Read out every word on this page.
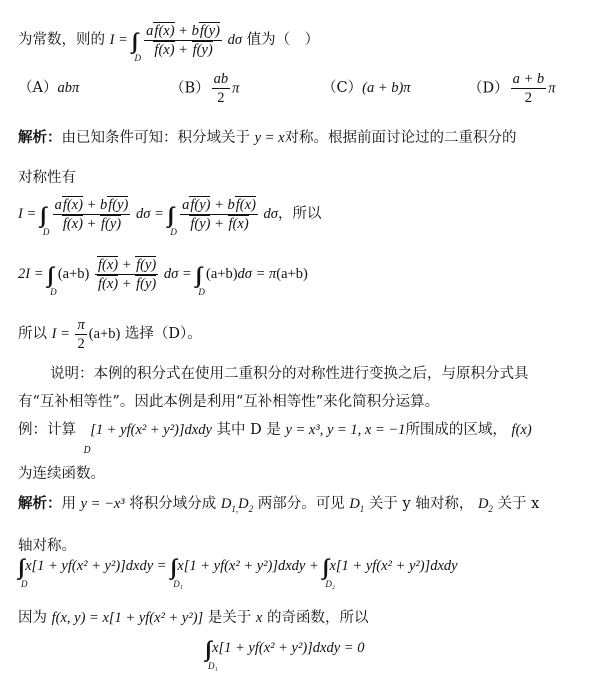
为常数，则的 I = ∫∫
D
$\frac{af(x) + bf(y)}{f(x) + f(y)}$ dσ 值为（　）
（A）abπ	$(B) \frac{ab}{2}$ π	（C）(a + b)π	$(D) \frac{a + b}{2}$ π
解析：由已知条件可知：积分域关于 y = x对称。根据前面讨论过的二重积分的
对称性有
I = ∫∫
D
$\frac{af(x) + bf(y)}{f(x) + f(y)}$ dσ = ∫∫
D
$\frac{af(y) + bf(x)}{f(y) + f(x)}$ dσ，所以
2I = ∫∫
D
$(a+b) \frac{f(x) + f(y)}{f(x) + f(y)}$ dσ = ∫∫
D
(a+b)dσ = π(a+b)
所以 $I = \frac{\pi}{2} (a+b)$ 选择（D）。
说明：本例的积分式在使用二重积分的对称性进行变换之后，与原积分式具
有“互补相等性”。因此本例是利用“互补相等性”来化简积分运算。
例：计算
D
[1 + yf(x² + y²)]dxdy 其中 D 是 y = x³, y = 1, x = −1所围成的区域， f(x)
为连续函数。
解析：用 y = −x³ 将积分域分成 $D_{1,}D_2$ 两部分。可见 $D_1$ 关于 y 轴对称， $D_2$ 关于 x
轴对称。
∫∫
D
x[1 + yf(x² + y²)]dxdy = ∫∫
D₁
x[1 + yf(x² + y²)]dxdy + ∫∫
D₂
x[1 + yf(x² + y²)]dxdy
因为 f(x, y) = x[1 + yf(x² + y²)] 是关于 x 的奇函数，所以
∫∫
D₁
x[1 + yf(x² + y²)]dxdy = 0
